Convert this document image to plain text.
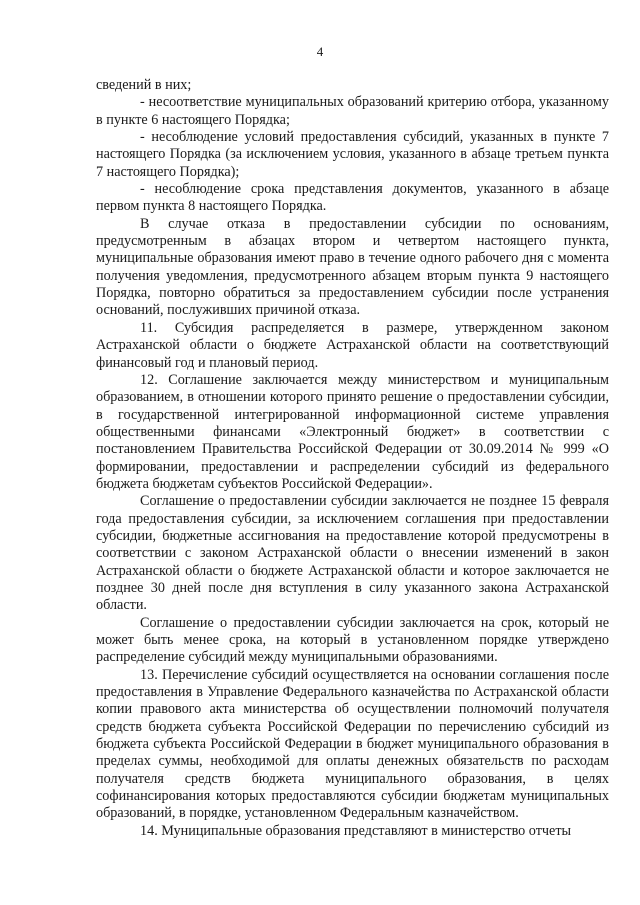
4

сведений в них;

- несоответствие муниципальных образований критерию отбора, указанному в пункте 6 настоящего Порядка;

- несоблюдение условий предоставления субсидий, указанных в пункте 7 настоящего Порядка (за исключением условия, указанного в абзаце третьем пункта 7 настоящего Порядка);

- несоблюдение срока представления документов, указанного в абзаце первом пункта 8 настоящего Порядка.

В случае отказа в предоставлении субсидии по основаниям, предусмотренным в абзацах втором и четвертом настоящего пункта, муниципальные образования имеют право в течение одного рабочего дня с момента получения уведомления, предусмотренного абзацем вторым пункта 9 настоящего Порядка, повторно обратиться за предоставлением субсидии после устранения оснований, послуживших причиной отказа.

11. Субсидия распределяется в размере, утвержденном законом Астраханской области о бюджете Астраханской области на соответствующий финансовый год и плановый период.

12. Соглашение заключается между министерством и муниципальным образованием, в отношении которого принято решение о предоставлении субсидии, в государственной интегрированной информационной системе управления общественными финансами «Электронный бюджет» в соответствии с постановлением Правительства Российской Федерации от 30.09.2014 № 999 «О формировании, предоставлении и распределении субсидий из федерального бюджета бюджетам субъектов Российской Федерации».

Соглашение о предоставлении субсидии заключается не позднее 15 февраля года предоставления субсидии, за исключением соглашения при предоставлении субсидии, бюджетные ассигнования на предоставление которой предусмотрены в соответствии с законом Астраханской области о внесении изменений в закон Астраханской области о бюджете Астраханской области и которое заключается не позднее 30 дней после дня вступления в силу указанного закона Астраханской области.

Соглашение о предоставлении субсидии заключается на срок, который не может быть менее срока, на который в установленном порядке утверждено распределение субсидий между муниципальными образованиями.

13. Перечисление субсидий осуществляется на основании соглашения после предоставления в Управление Федерального казначейства по Астраханской области копии правового акта министерства об осуществлении полномочий получателя средств бюджета субъекта Российской Федерации по перечислению субсидий из бюджета субъекта Российской Федерации в бюджет муниципального образования в пределах суммы, необходимой для оплаты денежных обязательств по расходам получателя средств бюджета муниципального образования, в целях софинансирования которых предоставляются субсидии бюджетам муниципальных образований, в порядке, установленном Федеральным казначейством.

14. Муниципальные образования представляют в министерство отчеты
